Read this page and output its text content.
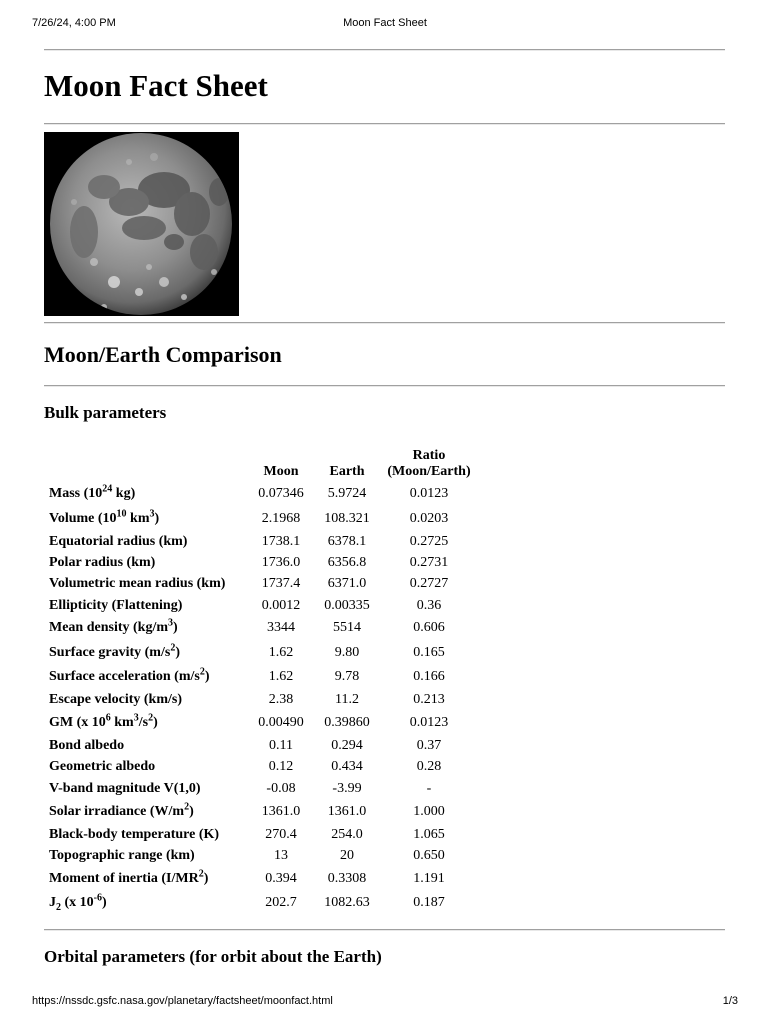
7/26/24, 4:00 PM	Moon Fact Sheet
Moon Fact Sheet
Moon/Earth Comparison
Bulk parameters
	Moon	Earth	Ratio
(Moon/Earth)
Mass ($10^{24}$ kg)	0.07346	5.9724	0.0123
Volume ($10^{10}$ $km^3$)	2.1968	108.321	0.0203
Equatorial radius (km)	1738.1	6378.1	0.2725
Polar radius (km)	1736.0	6356.8	0.2731
Volumetric mean radius (km)	1737.4	6371.0	0.2727
Ellipticity (Flattening)	0.0012	0.00335	0.36
Mean density $(kg/m^3)$	3344	5514	0.606
Surface gravity $(m/s^2)$	1.62	9.80	0.165
Surface acceleration $(m/s^2)$	1.62	9.78	0.166
Escape velocity (km/s)	2.38	11.2	0.213
GM (x $10^6$ $km^3/s^2$)	0.00490	0.39860	0.0123
Bond albedo	0.11	0.294	0.37
Geometric albedo	0.12	0.434	0.28
V-band magnitude V(1,0)	-0.08	-3.99	-
Solar irradiance $(W/m^2)$	1361.0	1361.0	1.000
Black-body temperature (K)	270.4	254.0	1.065
Topographic range (km)	13	20	0.650
Moment of inertia $(I/MR^2)$	0.394	0.3308	1.191
$J_2$ (x $10^{-6}$)	202.7	1082.63	0.187
Orbital parameters (for orbit about the Earth)
https://nssdc.gsfc.nasa.gov/planetary/factsheet/moonfact.html	1/3
